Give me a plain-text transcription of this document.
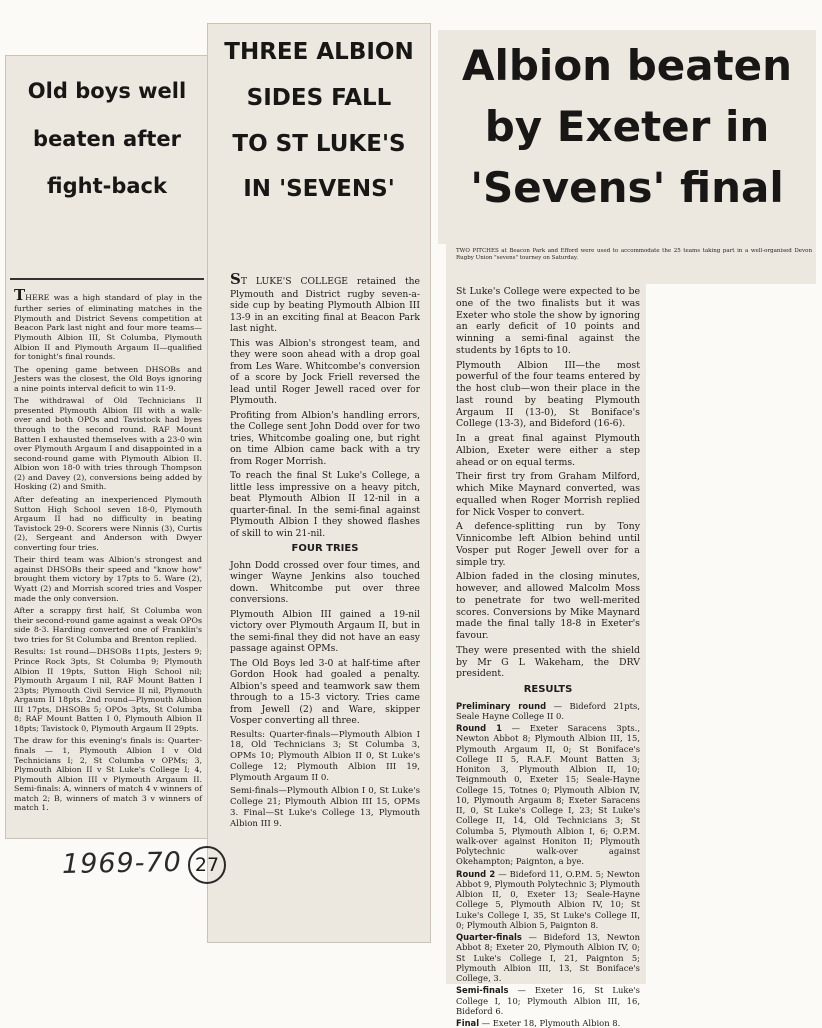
Old boys well
beaten after
fight-back

THERE was a high standard of play in the further series of eliminating matches in the Plymouth and District Sevens competition at Beacon Park last night and four more teams—Plymouth Albion III, St Columba, Plymouth Albion II and Plymouth Argaum II—qualified for tonight's final rounds.

The opening game between DHSOBs and Jesters was the closest, the Old Boys ignoring a nine points interval deficit to win 11-9.

The withdrawal of Old Technicians II presented Plymouth Albion III with a walk-over and both OPOs and Tavistock had byes through to the second round. RAF Mount Batten I exhausted themselves with a 23-0 win over Plymouth Argaum I and disappointed in a second-round game with Plymouth Albion II. Albion won 18-0 with tries through Thompson (2) and Davey (2), conversions being added by Hosking (2) and Smith.

After defeating an inexperienced Plymouth Sutton High School seven 18-0, Plymouth Argaum II had no difficulty in beating Tavistock 29-0. Scorers were Ninnis (3), Curtis (2), Sergeant and Anderson with Dwyer converting four tries.

Their third team was Albion's strongest and against DHSOBs their speed and "know how" brought them victory by 17pts to 5. Ware (2), Wyatt (2) and Morrish scored tries and Vosper made the only conversion.

After a scrappy first half, St Columba won their second-round game against a weak OPOs side 8-3. Harding converted one of Franklin's two tries for St Columba and Brenton replied.

Results: 1st round—DHSOBs 11pts, Jesters 9; Prince Rock 3pts, St Columba 9; Plymouth Albion II 19pts, Sutton High School nil; Plymouth Argaum I nil, RAF Mount Batten I 23pts; Plymouth Civil Service II nil, Plymouth Argaum II 18pts. 2nd round—Plymouth Albion III 17pts, DHSOBs 5; OPOs 3pts, St Columba 8; RAF Mount Batten I 0, Plymouth Albion II 18pts; Tavistock 0, Plymouth Argaum II 29pts.

The draw for this evening's finals is: Quarter-finals — 1, Plymouth Albion I v Old Technicians I; 2, St Columba v OPMs; 3, Plymouth Albion II v St Luke's College I; 4, Plymouth Albion III v Plymouth Argaum II. Semi-finals: A, winners of match 4 v winners of match 2; B, winners of match 3 v winners of match 1.

THREE ALBION
SIDES FALL
TO ST LUKE'S
IN 'SEVENS'

ST LUKE'S COLLEGE retained the Plymouth and District rugby seven-a-side cup by beating Plymouth Albion III 13-9 in an exciting final at Beacon Park last night.

This was Albion's strongest team, and they were soon ahead with a drop goal from Les Ware. Whitcombe's conversion of a score by Jock Friell reversed the lead until Roger Jewell raced over for Plymouth.

Profiting from Albion's handling errors, the College sent John Dodd over for two tries, Whitcombe goaling one, but right on time Albion came back with a try from Roger Morrish.

To reach the final St Luke's College, a little less impressive on a heavy pitch, beat Plymouth Albion II 12-nil in a quarter-final. In the semi-final against Plymouth Albion I they showed flashes of skill to win 21-nil.

FOUR TRIES

John Dodd crossed over four times, and winger Wayne Jenkins also touched down. Whitcombe put over three conversions.

Plymouth Albion III gained a 19-nil victory over Plymouth Argaum II, but in the semi-final they did not have an easy passage against OPMs.

The Old Boys led 3-0 at half-time after Gordon Hook had goaled a penalty. Albion's speed and teamwork saw them through to a 15-3 victory. Tries came from Jewell (2) and Ware, skipper Vosper converting all three.

Results: Quarter-finals—Plymouth Albion I 18, Old Technicians 3; St Columba 3, OPMs 10; Plymouth Albion II 0, St Luke's College 12; Plymouth Albion III 19, Plymouth Argaum II 0.

Semi-finals—Plymouth Albion I 0, St Luke's College 21; Plymouth Albion III 15, OPMs 3. Final—St Luke's College 13, Plymouth Albion III 9.

Albion beaten
by Exeter in
'Sevens' final
TWO PITCHES at Beacon Park and Efford were used to accommodate the 25 teams taking part in a well-organised Devon Rugby Union "sevens" tourney on Saturday.

St Luke's College were expected to be one of the two finalists but it was Exeter who stole the show by ignoring an early deficit of 10 points and winning a semi-final against the students by 16pts to 10.

Plymouth Albion III—the most powerful of the four teams entered by the host club—won their place in the last round by beating Plymouth Argaum II (13-0), St Boniface's College (13-3), and Bideford (16-6).

In a great final against Plymouth Albion, Exeter were either a step ahead or on equal terms.

Their first try from Graham Milford, which Mike Maynard converted, was equalled when Roger Morrish replied for Nick Vosper to convert.

A defence-splitting run by Tony Vinnicombe left Albion behind until Vosper put Roger Jewell over for a simple try.

Albion faded in the closing minutes, however, and allowed Malcolm Moss to penetrate for two well-merited scores. Conversions by Mike Maynard made the final tally 18-8 in Exeter's favour.

They were presented with the shield by Mr G L Wakeham, the DRV president.

RESULTS

Preliminary round — Bideford 21pts, Seale Hayne College II 0.

Round 1 — Exeter Saracens 3pts., Newton Abbot 8; Plymouth Albion III, 15, Plymouth Argaum II, 0; St Boniface's College II 5, R.A.F. Mount Batten 3; Honiton 3, Plymouth Albion II, 10; Teignmouth 0, Exeter 15; Seale-Hayne College 15, Totnes 0; Plymouth Albion IV, 10, Plymouth Argaum 8; Exeter Saracens II, 0, St Luke's College I, 23; St Luke's College II, 14, Old Technicians 3; St Columba 5, Plymouth Albion I, 6; O.P.M. walk-over against Honiton II; Plymouth Polytechnic walk-over against Okehampton; Paignton, a bye.

Round 2 — Bideford 11, O.P.M. 5; Newton Abbot 9, Plymouth Polytechnic 3; Plymouth Albion II, 0, Exeter 13; Seale-Hayne College 5, Plymouth Albion IV, 10; St Luke's College I, 35, St Luke's College II, 0; Plymouth Albion 5, Paignton 8.

Quarter-finals — Bideford 13, Newton Abbot 8; Exeter 20, Plymouth Albion IV, 0; St Luke's College I, 21, Paignton 5; Plymouth Albion III, 13, St Boniface's College, 3.

Semi-finals — Exeter 16, St Luke's College I, 10; Plymouth Albion III, 16, Bideford 6.

Final — Exeter 18, Plymouth Albion 8.

1969-70 27
